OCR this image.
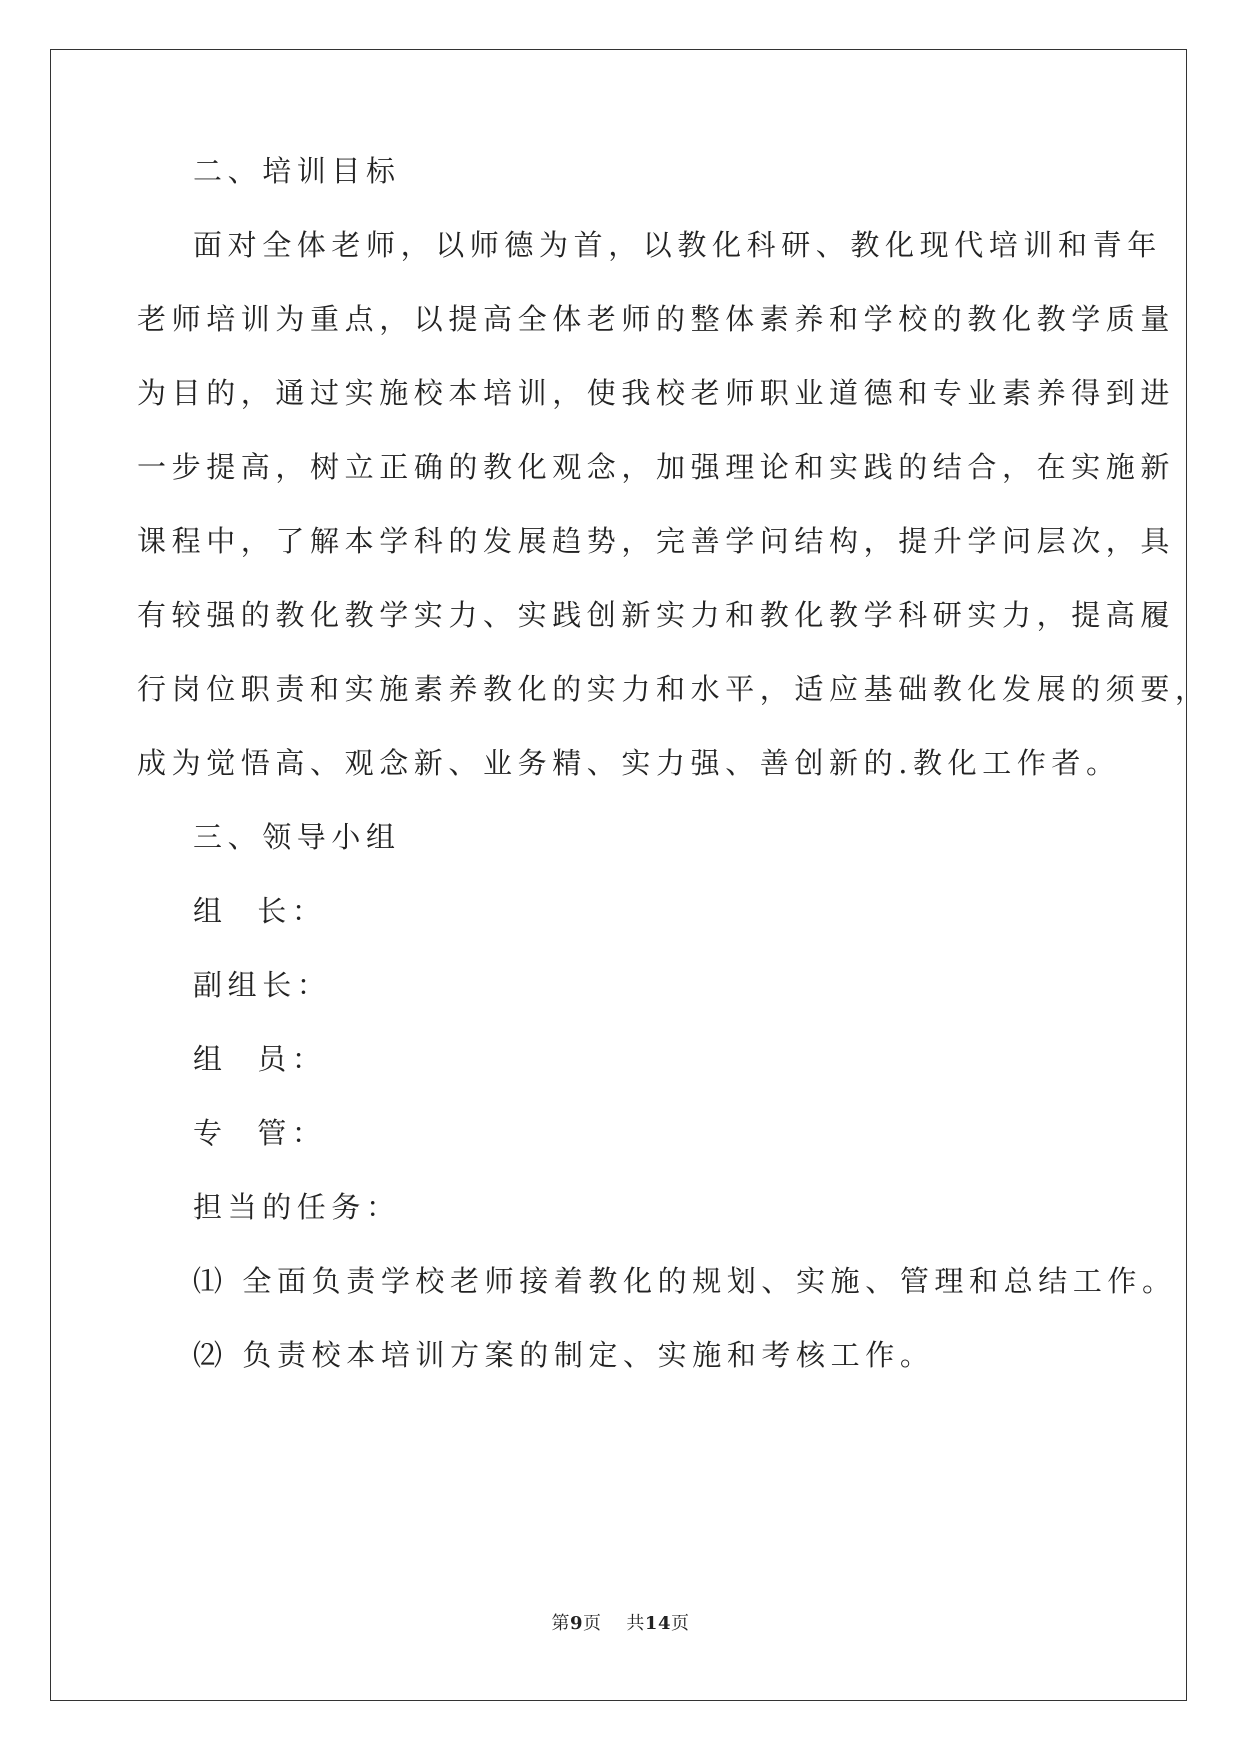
二、培训目标
面对全体老师，以师德为首，以教化科研、教化现代培训和青年
老师培训为重点，以提高全体老师的整体素养和学校的教化教学质量
为目的，通过实施校本培训，使我校老师职业道德和专业素养得到进
一步提高，树立正确的教化观念，加强理论和实践的结合，在实施新
课程中，了解本学科的发展趋势，完善学问结构，提升学问层次，具
有较强的教化教学实力、实践创新实力和教化教学科研实力，提高履
行岗位职责和实施素养教化的实力和水平，适应基础教化发展的须要，
成为觉悟高、观念新、业务精、实力强、善创新的.教化工作者。
三、领导小组
组  长：
副组长：
组  员：
专  管：
担当的任务：
⑴ 全面负责学校老师接着教化的规划、实施、管理和总结工作。
⑵ 负责校本培训方案的制定、实施和考核工作。
第9页 共14页
